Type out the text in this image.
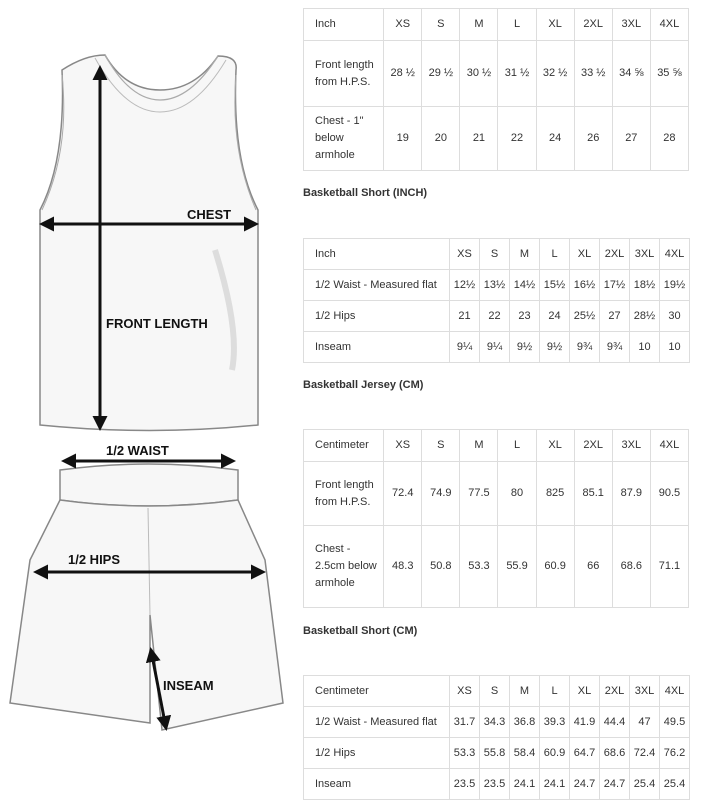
CHEST
FRONT LENGTH
1/2 WAIST
1/2 HIPS
INSEAM
Inch	XS	S	M	L	XL	2XL	3XL	4XL
Front length from H.P.S.	28 ½	29 ½	30 ½	31 ½	32 ½	33 ½	34 ⅝	35 ⅝
Chest - 1" below armhole	19	20	21	22	24	26	27	28
Basketball Short (INCH)
Inch	XS	S	M	L	XL	2XL	3XL	4XL
1/2 Waist - Measured flat	12½	13½	14½	15½	16½	17½	18½	19½
1/2 Hips	21	22	23	24	25½	27	28½	30
Inseam	9¼	9¼	9½	9½	9¾	9¾	10	10
Basketball Jersey (CM)
Centimeter	XS	S	M	L	XL	2XL	3XL	4XL
Front length from H.P.S.	72.4	74.9	77.5	80	825	85.1	87.9	90.5
Chest - 2.5cm below armhole	48.3	50.8	53.3	55.9	60.9	66	68.6	71.1
Basketball Short (CM)
Centimeter	XS	S	M	L	XL	2XL	3XL	4XL
1/2 Waist - Measured flat	31.7	34.3	36.8	39.3	41.9	44.4	47	49.5
1/2 Hips	53.3	55.8	58.4	60.9	64.7	68.6	72.4	76.2
Inseam	23.5	23.5	24.1	24.1	24.7	24.7	25.4	25.4
